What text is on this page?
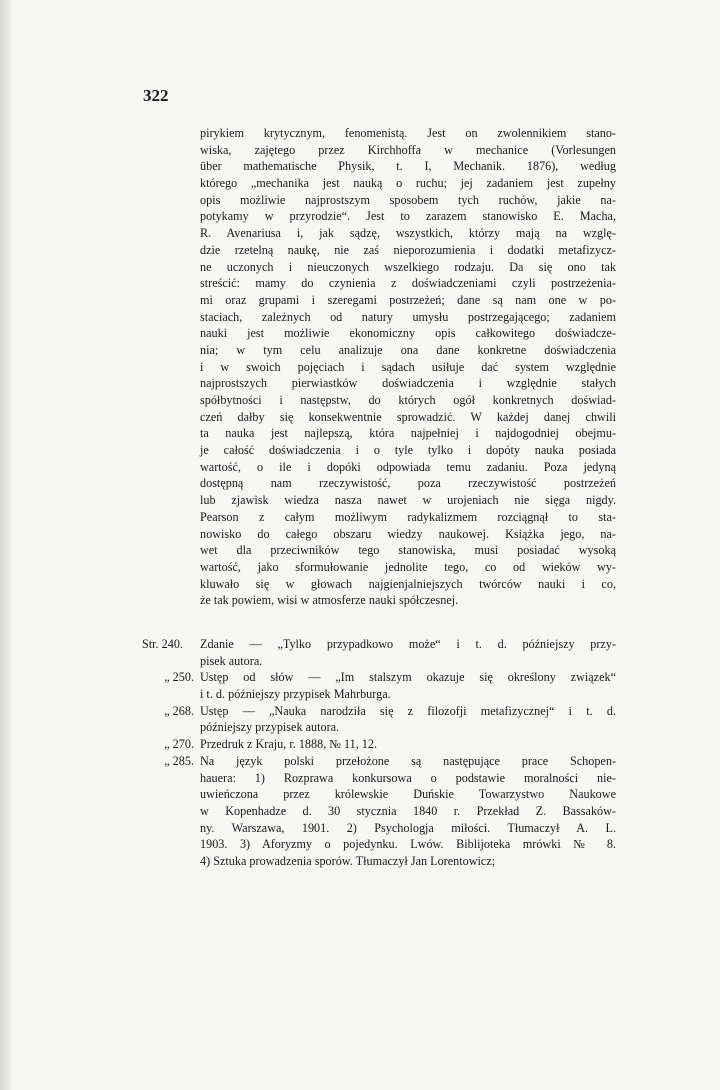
322
pirykiem krytycznym, fenomenistą. Jest on zwolennikiem stano-
wiska, zajętego przez Kirchhoffa w mechanice (Vorlesungen
über mathematische Physik, t. I, Mechanik. 1876), według
którego „mechanika jest nauką o ruchu; jej zadaniem jest zupełny
opis możliwie najprostszym sposobem tych ruchów, jakie na-
potykamy w przyrodzie“. Jest to zarazem stanowisko E. Macha,
R. Avenariusa i, jak sądzę, wszystkich, którzy mają na wzglę-
dzie rzetelną naukę, nie zaś nieporozumienia i dodatki metafizycz-
ne uczonych i nieuczonych wszelkiego rodzaju. Da się ono tak
streścić: mamy do czynienia z doświadczeniami czyli postrzeżenia-
mi oraz grupami i szeregami postrzeżeń; dane są nam one w po-
staciach, zależnych od natury umysłu postrzegającego; zadaniem
nauki jest możliwie ekonomiczny opis całkowitego doświadcze-
nia; w tym celu analizuje ona dane konkretne doświadczenia
i w swoich pojęciach i sądach usiłuje dać system względnie
najprostszych pierwiastków doświadczenia i względnie stałych
spółbytności i następstw, do których ogół konkretnych doświad-
czeń dałby się konsekwentnie sprowadzić. W każdej danej chwili
ta nauka jest najlepszą, która najpełniej i najdogodniej obejmu-
je całość doświadczenia i o tyle tylko i dopóty nauka posiada
wartość, o ile i dopóki odpowiada temu zadaniu. Poza jedyną
dostępną nam rzeczywistość, poza rzeczywistość postrzeżeń
lub zjawisk wiedza nasza nawet w urojeniach nie sięga nigdy.
Pearson z całym możliwym radykalizmem rozciągnął to sta-
nowisko do całego obszaru wiedzy naukowej. Książka jego, na-
wet dla przeciwników tego stanowiska, musi posiadać wysoką
wartość, jako sformułowanie jednolite tego, co od wieków wy-
kluwało się w głowach najgienjalniejszych twórców nauki i co,
że tak powiem, wisi w atmosferze nauki spółczesnej.
Str. 240.	Zdanie — „Tylko przypadkowo może“ i t. d. późniejszy przy-
pisek autora.
„ 250. Ustęp od słów — „Im stalszym okazuje się określony związek“
i t. d. późniejszy przypisek Mahrburga.
„ 268. Ustęp — „Nauka narodziła się z filozofji metafizycznej“ i t. d.
późniejszy przypisek autora.
„ 270. Przedruk z Kraju, r. 1888, № 11, 12.
„ 285. Na język polski przełożone są następujące prace Schopen-
hauera: 1) Rozprawa konkursowa o podstawie moralności nie-
uwieńczona przez królewskie Duńskie Towarzystwo Naukowe
w Kopenhadze d. 30 stycznia 1840 r. Przekład Z. Bassaków-
ny. Warszawa, 1901. 2) Psychologja miłości. Tłumaczył A. L.
1903. 3) Aforyzmy o pojedynku. Lwów. Biblijoteka mrówki № 8.
4) Sztuka prowadzenia sporów. Tłumaczył Jan Lorentowicz;
